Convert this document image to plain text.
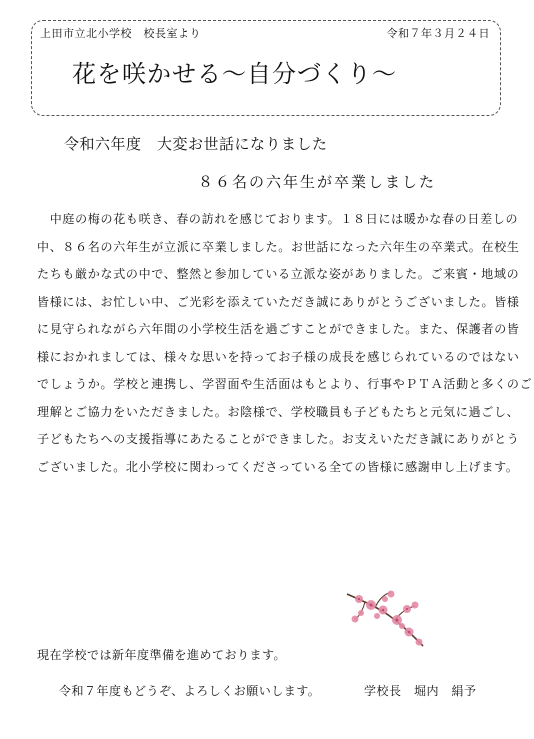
上田市立北小学校　校長室より	令和７年３月２４日
花を咲かせる～自分づくり～
令和六年度　大変お世話になりました
８６名の六年生が卒業しました
　中庭の梅の花も咲き、春の訪れを感じております。１８日には暖かな春の日差しの
中、８６名の六年生が立派に卒業しました。お世話になった六年生の卒業式。在校生
たちも厳かな式の中で、整然と参加している立派な姿がありました。ご来賓・地域の
皆様には、お忙しい中、ご光彩を添えていただき誠にありがとうございました。皆様
に見守られながら六年間の小学校生活を過ごすことができました。また、保護者の皆
様におかれましては、様々な思いを持ってお子様の成長を感じられているのではない
でしょうか。学校と連携し、学習面や生活面はもとより、行事やＰＴＡ活動と多くのご
理解とご協力をいただきました。お陰様で、学校職員も子どもたちと元気に過ごし、
子どもたちへの支援指導にあたることができました。お支えいただき誠にありがとう
ございました。北小学校に関わってくださっている全ての皆様に感謝申し上げます。
現在学校では新年度準備を進めております。
令和７年度もどうぞ、よろしくお願いします。	学校長　堀内　絹予
